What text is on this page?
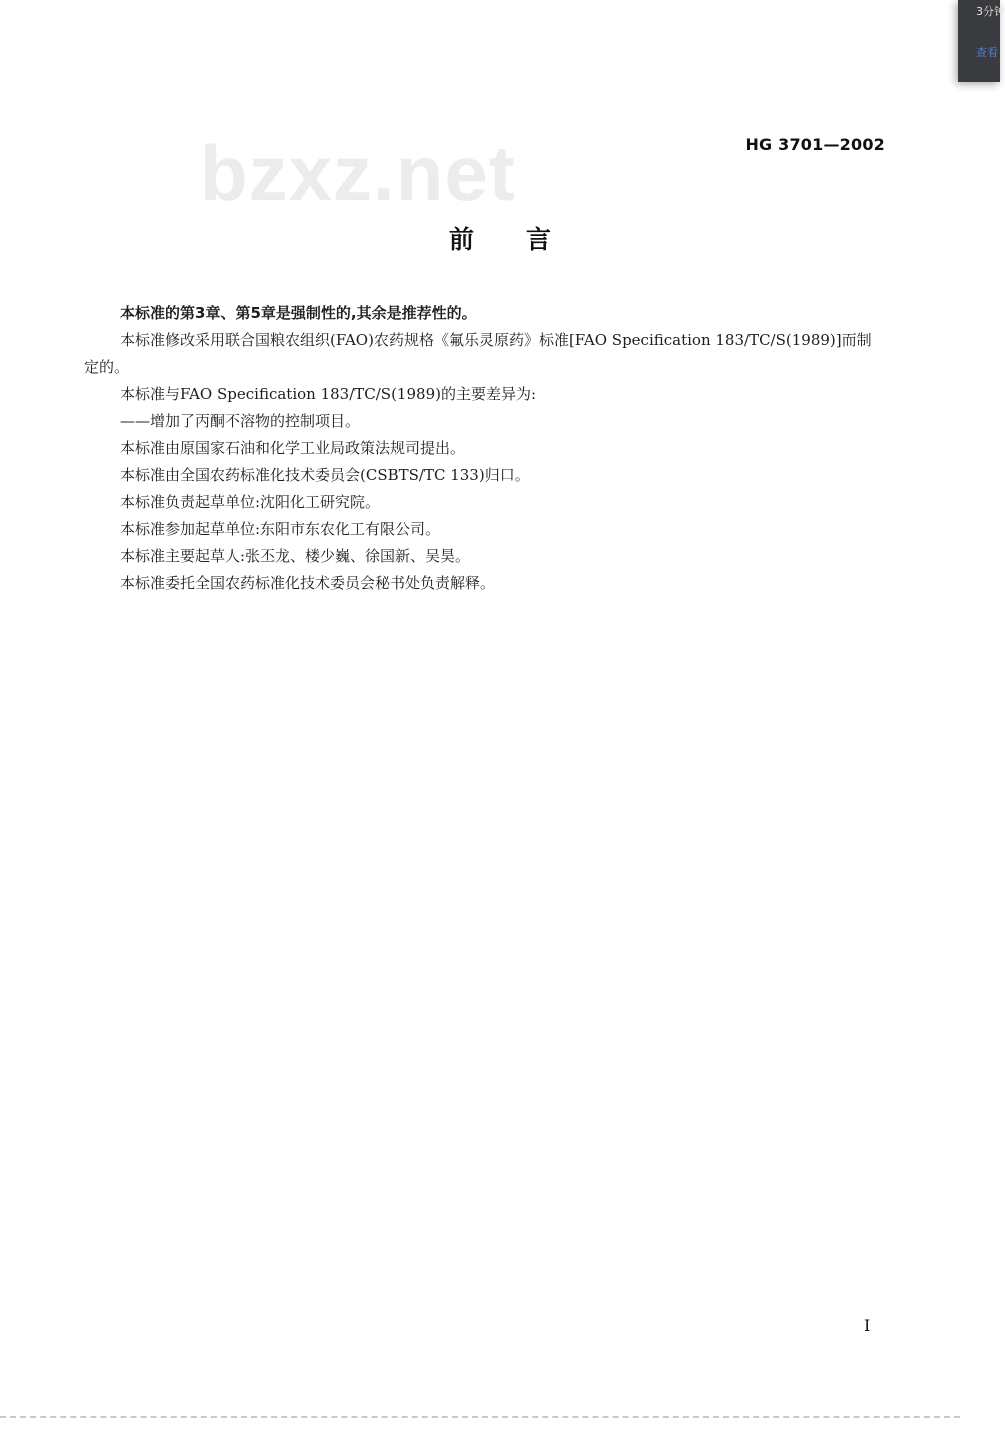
HG 3701—2002
bzxz.net
前言

本标准的第3章、第5章是强制性的,其余是推荐性的。

本标准修改采用联合国粮农组织(FAO)农药规格《氟乐灵原药》标准[FAO Specification 183/TC/S(1989)]而制定的。

本标准与FAO Specification 183/TC/S(1989)的主要差异为:

——增加了丙酮不溶物的控制项目。

本标准由原国家石油和化学工业局政策法规司提出。

本标准由全国农药标准化技术委员会(CSBTS/TC 133)归口。

本标准负责起草单位:沈阳化工研究院。

本标准参加起草单位:东阳市东农化工有限公司。

本标准主要起草人:张丕龙、楼少巍、徐国新、吴昊。

本标准委托全国农药标准化技术委员会秘书处负责解释。

I
3分钟
查看
